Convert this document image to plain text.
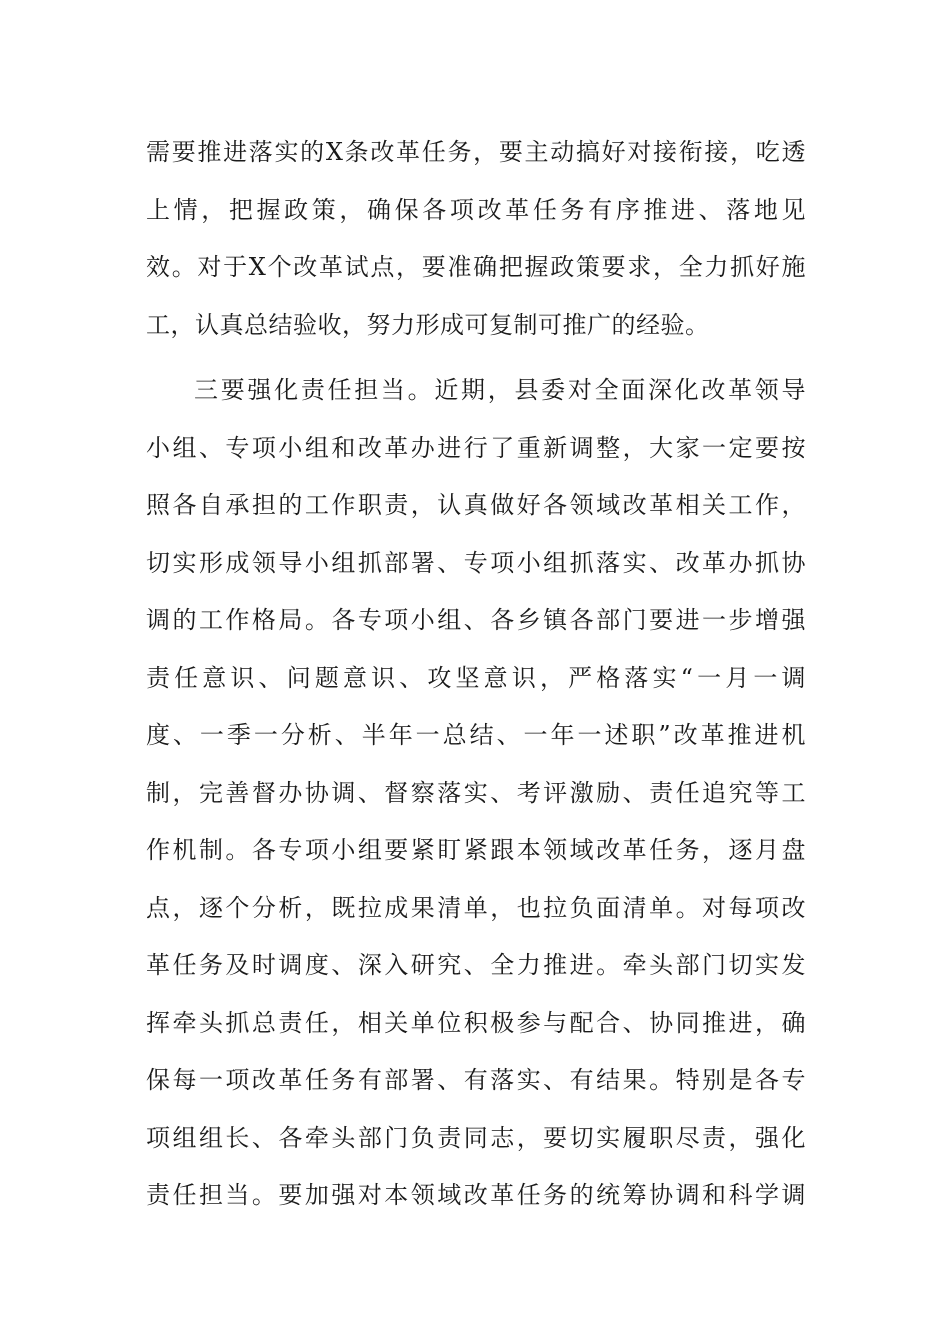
需要推进落实的X条改革任务，要主动搞好对接衔接，吃透
上情，把握政策，确保各项改革任务有序推进、落地见
效。对于X个改革试点，要准确把握政策要求，全力抓好施
工，认真总结验收，努力形成可复制可推广的经验。
三要强化责任担当。近期，县委对全面深化改革领导
小组、专项小组和改革办进行了重新调整，大家一定要按
照各自承担的工作职责，认真做好各领域改革相关工作，
切实形成领导小组抓部署、专项小组抓落实、改革办抓协
调的工作格局。各专项小组、各乡镇各部门要进一步增强
责任意识、问题意识、攻坚意识，严格落实“一月一调
度、一季一分析、半年一总结、一年一述职”改革推进机
制，完善督办协调、督察落实、考评激励、责任追究等工
作机制。各专项小组要紧盯紧跟本领域改革任务，逐月盘
点，逐个分析，既拉成果清单，也拉负面清单。对每项改
革任务及时调度、深入研究、全力推进。牵头部门切实发
挥牵头抓总责任，相关单位积极参与配合、协同推进，确
保每一项改革任务有部署、有落实、有结果。特别是各专
项组组长、各牵头部门负责同志，要切实履职尽责，强化
责任担当。要加强对本领域改革任务的统筹协调和科学调
